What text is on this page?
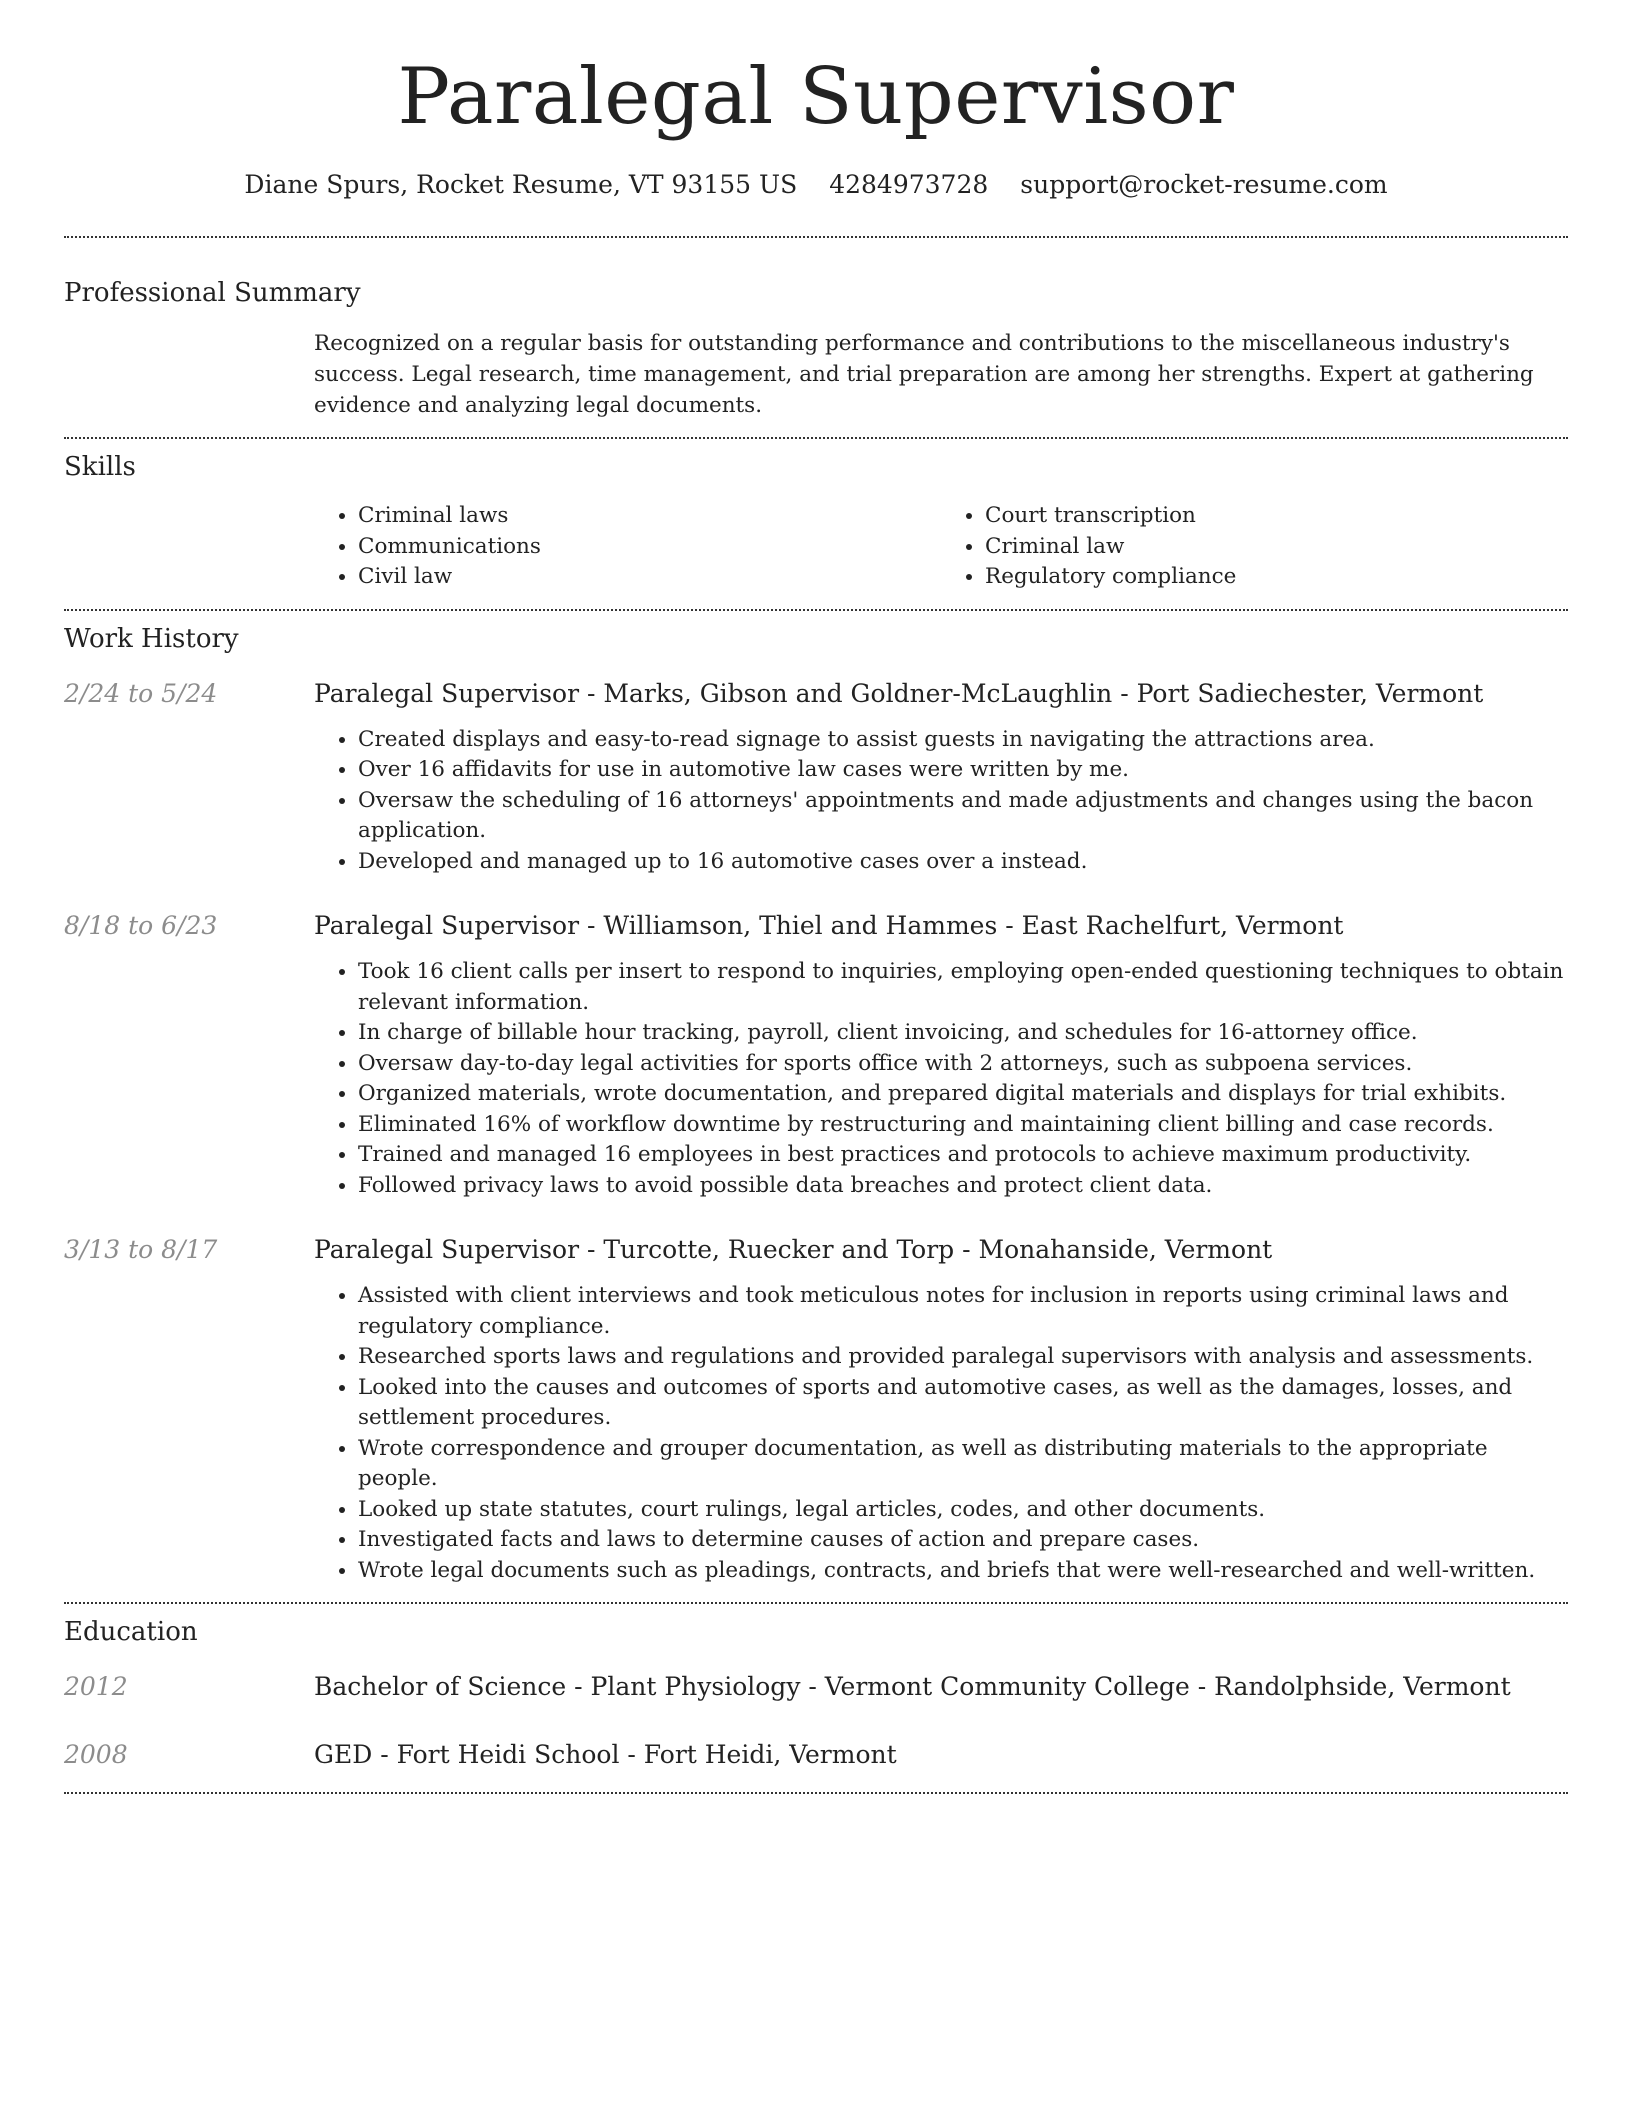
Paralegal Supervisor
Diane Spurs, Rocket Resume, VT 93155 US 4284973728 support@rocket-resume.com
Professional Summary
Recognized on a regular basis for outstanding performance and contributions to the miscellaneous industry's success. Legal research, time management, and trial preparation are among her strengths. Expert at gathering evidence and analyzing legal documents.
Skills
• Criminal laws
• Communications
• Civil law
• Court transcription
• Criminal law
• Regulatory compliance
Work History
2/24 to 5/24	Paralegal Supervisor - Marks, Gibson and Goldner-McLaughlin - Port Sadiechester, Vermont
• Created displays and easy-to-read signage to assist guests in navigating the attractions area.
• Over 16 affidavits for use in automotive law cases were written by me.
• Oversaw the scheduling of 16 attorneys' appointments and made adjustments and changes using the bacon application.
• Developed and managed up to 16 automotive cases over a instead.
8/18 to 6/23	Paralegal Supervisor - Williamson, Thiel and Hammes - East Rachelfurt, Vermont
• Took 16 client calls per insert to respond to inquiries, employing open-ended questioning techniques to obtain relevant information.
• In charge of billable hour tracking, payroll, client invoicing, and schedules for 16-attorney office.
• Oversaw day-to-day legal activities for sports office with 2 attorneys, such as subpoena services.
• Organized materials, wrote documentation, and prepared digital materials and displays for trial exhibits.
• Eliminated 16% of workflow downtime by restructuring and maintaining client billing and case records.
• Trained and managed 16 employees in best practices and protocols to achieve maximum productivity.
• Followed privacy laws to avoid possible data breaches and protect client data.
3/13 to 8/17	Paralegal Supervisor - Turcotte, Ruecker and Torp - Monahanside, Vermont
• Assisted with client interviews and took meticulous notes for inclusion in reports using criminal laws and regulatory compliance.
• Researched sports laws and regulations and provided paralegal supervisors with analysis and assessments.
• Looked into the causes and outcomes of sports and automotive cases, as well as the damages, losses, and settlement procedures.
• Wrote correspondence and grouper documentation, as well as distributing materials to the appropriate people.
• Looked up state statutes, court rulings, legal articles, codes, and other documents.
• Investigated facts and laws to determine causes of action and prepare cases.
• Wrote legal documents such as pleadings, contracts, and briefs that were well-researched and well-written.
Education
2012	Bachelor of Science - Plant Physiology - Vermont Community College - Randolphside, Vermont
2008	GED - Fort Heidi School - Fort Heidi, Vermont
